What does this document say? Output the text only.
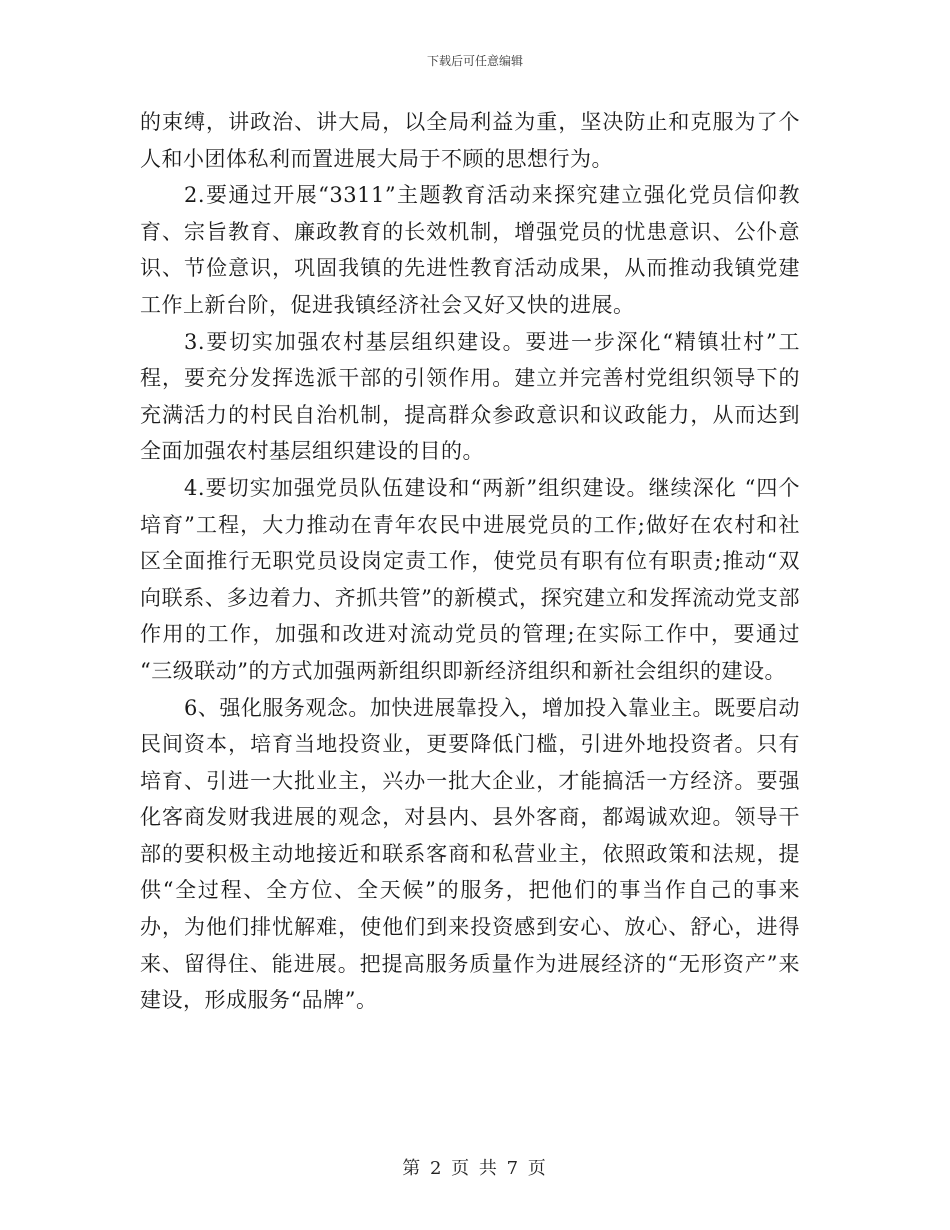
下载后可任意编辑

的束缚，讲政治、讲大局，以全局利益为重，坚决防止和克服为了个人和小团体私利而置进展大局于不顾的思想行为。

2.要通过开展“3311”主题教育活动来探究建立强化党员信仰教育、宗旨教育、廉政教育的长效机制，增强党员的忧患意识、公仆意识、节俭意识，巩固我镇的先进性教育活动成果，从而推动我镇党建工作上新台阶，促进我镇经济社会又好又快的进展。

3.要切实加强农村基层组织建设。要进一步深化“精镇壮村”工程，要充分发挥选派干部的引领作用。建立并完善村党组织领导下的充满活力的村民自治机制，提高群众参政意识和议政能力，从而达到全面加强农村基层组织建设的目的。

4.要切实加强党员队伍建设和“两新”组织建设。继续深化 “四个培育”工程，大力推动在青年农民中进展党员的工作;做好在农村和社区全面推行无职党员设岗定责工作，使党员有职有位有职责;推动“双向联系、多边着力、齐抓共管”的新模式，探究建立和发挥流动党支部作用的工作，加强和改进对流动党员的管理;在实际工作中，要通过 “三级联动”的方式加强两新组织即新经济组织和新社会组织的建设。

6、强化服务观念。加快进展靠投入，增加投入靠业主。既要启动民间资本，培育当地投资业，更要降低门槛，引进外地投资者。只有培育、引进一大批业主，兴办一批大企业，才能搞活一方经济。要强化客商发财我进展的观念，对县内、县外客商，都竭诚欢迎。领导干部的要积极主动地接近和联系客商和私营业主，依照政策和法规，提供“全过程、全方位、全天候”的服务，把他们的事当作自己的事来办，为他们排忧解难，使他们到来投资感到安心、放心、舒心，进得来、留得住、能进展。把提高服务质量作为进展经济的“无形资产”来建设，形成服务“品牌”。

第 2 页 共 7 页
